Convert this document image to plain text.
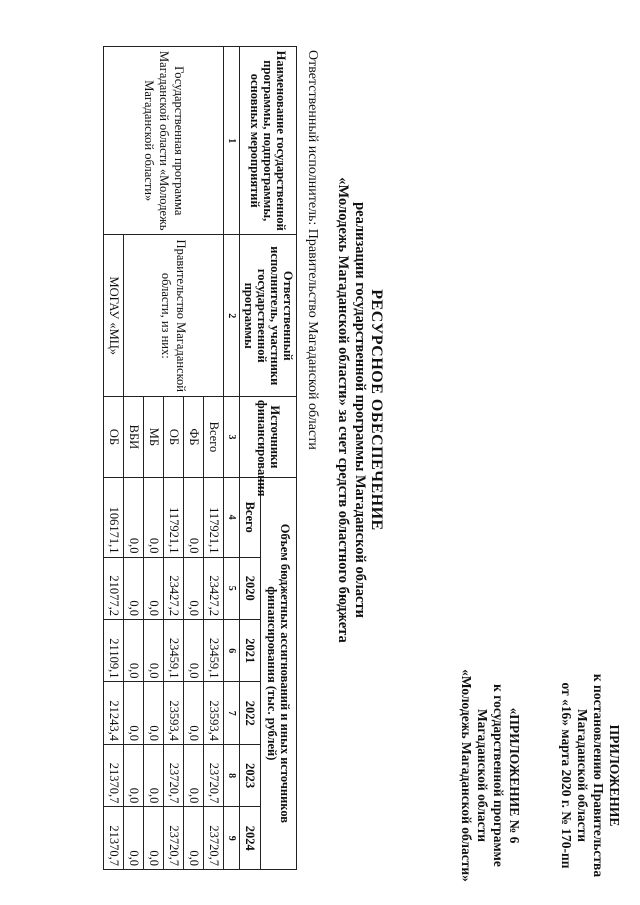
ПРИЛОЖЕНИЕ
к постановлению Правительства
Магаданской области
от «16» марта 2020 г. № 170-пп
«ПРИЛОЖЕНИЕ № 6
к государственной программе
Магаданской области
«Молодежь Магаданской области»
РЕСУРСНОЕ ОБЕСПЕЧЕНИЕ
реализации государственной программы Магаданской области
«Молодежь Магаданской области» за счет средств областного бюджета
Ответственный исполнитель: Правительство Магаданской области
Наименование государственной программы, подпрограммы, основных мероприятий	Ответственный исполнитель, участники государственной программы	Источники финансирования	Объем бюджетных ассигнований и иных источников финансирования (тыс. рублей)					
			Всего	2020	2021	2022	2023	2024
1	2	3	4	5	6	7	8	9
Государственная программа Магаданской области «Молодежь Магаданской области»	Правительство Магаданской области, из них:	Всего	117921,1	23427,2	23459,1	23593,4	23720,7	23720,7
		ФБ	0,0	0,0	0,0	0,0	0,0	0,0
		ОБ	117921,1	23427,2	23459,1	23593,4	23720,7	23720,7
		МБ	0,0	0,0	0,0	0,0	0,0	0,0
		ВБИ	0,0	0,0	0,0	0,0	0,0	0,0
	МОГАУ «МЦ»	ОБ	106171,1	21077,2	21109,1	21243,4	21370,7	21370,7
